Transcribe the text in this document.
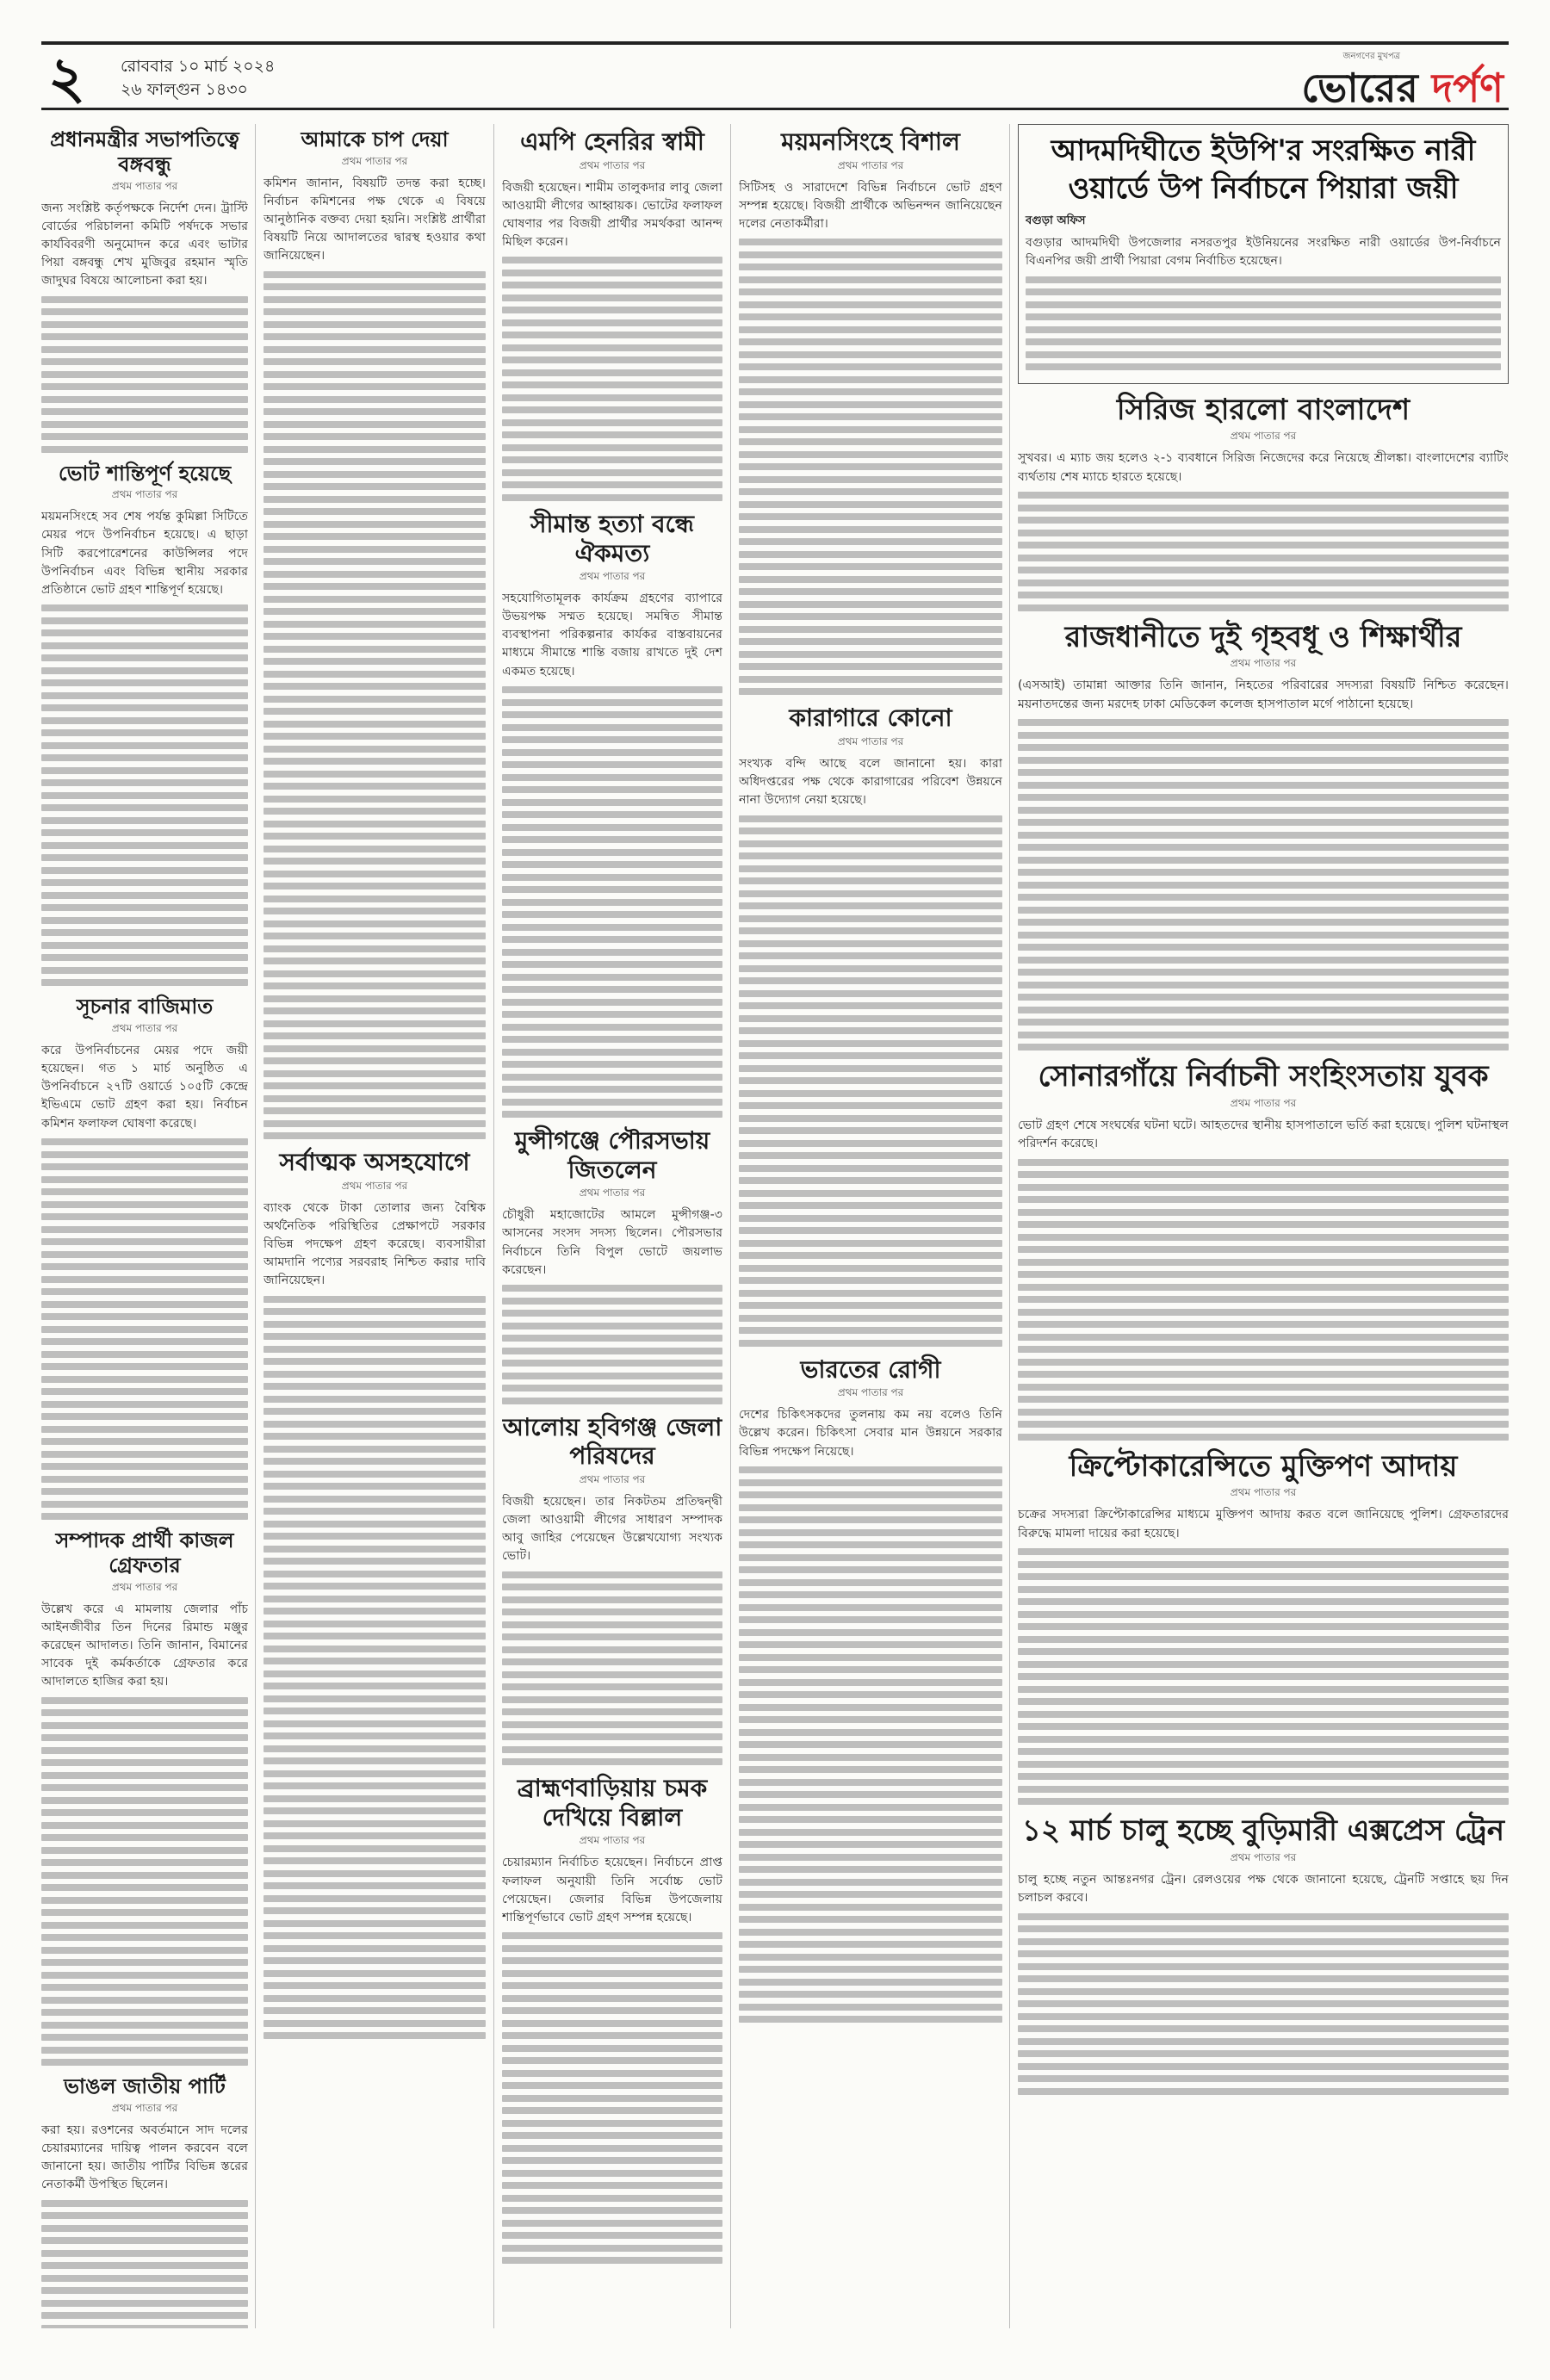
২ রোববার ১০ মার্চ ২০২৪
২৬ ফাল্গুন ১৪৩০
জনগণের মুখপত্র
ভোরের দর্পণ
প্রধানমন্ত্রীর সভাপতিত্বে বঙ্গবন্ধু
প্রথম পাতার পর
জন্য সংশ্লিষ্ট কর্তৃপক্ষকে নির্দেশ দেন। ট্রাস্টি বোর্ডের পরিচালনা কমিটি পর্ষদকে সভার কার্যবিবরণী অনুমোদন করে এবং ভাটার পিয়া বঙ্গবন্ধু শেখ মুজিবুর রহমান স্মৃতি জাদুঘর বিষয়ে আলোচনা করা হয়।
ভোট শান্তিপূর্ণ হয়েছে
প্রথম পাতার পর
ময়মনসিংহে সব শেষ পর্যন্ত কুমিল্লা সিটিতে মেয়র পদে উপনির্বাচন হয়েছে। এ ছাড়া সিটি করপোরেশনের কাউন্সিলর পদে উপনির্বাচন এবং বিভিন্ন স্থানীয় সরকার প্রতিষ্ঠানে ভোট গ্রহণ শান্তিপূর্ণ হয়েছে।
সূচনার বাজিমাত
প্রথম পাতার পর
করে উপনির্বাচনের মেয়র পদে জয়ী হয়েছেন। গত ১ মার্চ অনুষ্ঠিত এ উপনির্বাচনে ২৭টি ওয়ার্ডে ১০৫টি কেন্দ্রে ইভিএমে ভোট গ্রহণ করা হয়। নির্বাচন কমিশন ফলাফল ঘোষণা করেছে।
সম্পাদক প্রার্থী কাজল গ্রেফতার
প্রথম পাতার পর
উল্লেখ করে এ মামলায় জেলার পাঁচ আইনজীবীর তিন দিনের রিমান্ড মঞ্জুর করেছেন আদালত। তিনি জানান, বিমানের সাবেক দুই কর্মকর্তাকে গ্রেফতার করে আদালতে হাজির করা হয়।
ভাঙল জাতীয় পার্টি
প্রথম পাতার পর
করা হয়। রওশনের অবর্তমানে সাদ দলের চেয়ারম্যানের দায়িত্ব পালন করবেন বলে জানানো হয়। জাতীয় পার্টির বিভিন্ন স্তরের নেতাকর্মী উপস্থিত ছিলেন।
আমাকে চাপ দেয়া
প্রথম পাতার পর
কমিশন জানান, বিষয়টি তদন্ত করা হচ্ছে। নির্বাচন কমিশনের পক্ষ থেকে এ বিষয়ে আনুষ্ঠানিক বক্তব্য দেয়া হয়নি। সংশ্লিষ্ট প্রার্থীরা বিষয়টি নিয়ে আদালতের দ্বারস্থ হওয়ার কথা জানিয়েছেন।
সর্বাত্মক অসহযোগে
প্রথম পাতার পর
ব্যাংক থেকে টাকা তোলার জন্য বৈশ্বিক অর্থনৈতিক পরিস্থিতির প্রেক্ষাপটে সরকার বিভিন্ন পদক্ষেপ গ্রহণ করেছে। ব্যবসায়ীরা আমদানি পণ্যের সরবরাহ নিশ্চিত করার দাবি জানিয়েছেন।
এমপি হেনরির স্বামী
প্রথম পাতার পর
বিজয়ী হয়েছেন। শামীম তালুকদার লাবু জেলা আওয়ামী লীগের আহ্বায়ক। ভোটের ফলাফল ঘোষণার পর বিজয়ী প্রার্থীর সমর্থকরা আনন্দ মিছিল করেন।
সীমান্ত হত্যা বন্ধে ঐকমত্য
প্রথম পাতার পর
সহযোগিতামূলক কার্যক্রম গ্রহণের ব্যাপারে উভয়পক্ষ সম্মত হয়েছে। সমন্বিত সীমান্ত ব্যবস্থাপনা পরিকল্পনার কার্যকর বাস্তবায়নের মাধ্যমে সীমান্তে শান্তি বজায় রাখতে দুই দেশ একমত হয়েছে।
মুন্সীগঞ্জে পৌরসভায় জিতলেন
প্রথম পাতার পর
চৌধুরী মহাজোটের আমলে মুন্সীগঞ্জ-৩ আসনের সংসদ সদস্য ছিলেন। পৌরসভার নির্বাচনে তিনি বিপুল ভোটে জয়লাভ করেছেন।
আলোয় হবিগঞ্জ জেলা পরিষদের
প্রথম পাতার পর
বিজয়ী হয়েছেন। তার নিকটতম প্রতিদ্বন্দ্বী জেলা আওয়ামী লীগের সাধারণ সম্পাদক আবু জাহির পেয়েছেন উল্লেখযোগ্য সংখ্যক ভোট।
ব্রাহ্মণবাড়িয়ায় চমক দেখিয়ে বিল্লাল
প্রথম পাতার পর
চেয়ারম্যান নির্বাচিত হয়েছেন। নির্বাচনে প্রাপ্ত ফলাফল অনুযায়ী তিনি সর্বোচ্চ ভোট পেয়েছেন। জেলার বিভিন্ন উপজেলায় শান্তিপূর্ণভাবে ভোট গ্রহণ সম্পন্ন হয়েছে।
ময়মনসিংহে বিশাল
প্রথম পাতার পর
সিটিসহ ও সারাদেশে বিভিন্ন নির্বাচনে ভোট গ্রহণ সম্পন্ন হয়েছে। বিজয়ী প্রার্থীকে অভিনন্দন জানিয়েছেন দলের নেতাকর্মীরা।
কারাগারে কোনো
প্রথম পাতার পর
সংখ্যক বন্দি আছে বলে জানানো হয়। কারা অধিদপ্তরের পক্ষ থেকে কারাগারের পরিবেশ উন্নয়নে নানা উদ্যোগ নেয়া হয়েছে।
ভারতের রোগী
প্রথম পাতার পর
দেশের চিকিৎসকদের তুলনায় কম নয় বলেও তিনি উল্লেখ করেন। চিকিৎসা সেবার মান উন্নয়নে সরকার বিভিন্ন পদক্ষেপ নিয়েছে।
আদমদিঘীতে ইউপি'র সংরক্ষিত নারী ওয়ার্ডে উপ নির্বাচনে পিয়ারা জয়ী
বগুড়া অফিস
বগুড়ার আদমদিঘী উপজেলার নসরতপুর ইউনিয়নের সংরক্ষিত নারী ওয়ার্ডের উপ-নির্বাচনে বিএনপির জয়ী প্রার্থী পিয়ারা বেগম নির্বাচিত হয়েছেন।
সিরিজ হারলো বাংলাদেশ
প্রথম পাতার পর
সুখবর। এ ম্যাচ জয় হলেও ২-১ ব্যবধানে সিরিজ নিজেদের করে নিয়েছে শ্রীলঙ্কা। বাংলাদেশের ব্যাটিং ব্যর্থতায় শেষ ম্যাচে হারতে হয়েছে।
রাজধানীতে দুই গৃহবধূ ও শিক্ষার্থীর
প্রথম পাতার পর
(এসআই) তামান্না আক্তার তিনি জানান, নিহতের পরিবারের সদস্যরা বিষয়টি নিশ্চিত করেছেন। ময়নাতদন্তের জন্য মরদেহ ঢাকা মেডিকেল কলেজ হাসপাতাল মর্গে পাঠানো হয়েছে।
সোনারগাঁয়ে নির্বাচনী সংহিংসতায় যুবক
প্রথম পাতার পর
ভোট গ্রহণ শেষে সংঘর্ষের ঘটনা ঘটে। আহতদের স্থানীয় হাসপাতালে ভর্তি করা হয়েছে। পুলিশ ঘটনাস্থল পরিদর্শন করেছে।
ক্রিপ্টোকারেন্সিতে মুক্তিপণ আদায়
প্রথম পাতার পর
চক্রের সদস্যরা ক্রিপ্টোকারেন্সির মাধ্যমে মুক্তিপণ আদায় করত বলে জানিয়েছে পুলিশ। গ্রেফতারদের বিরুদ্ধে মামলা দায়ের করা হয়েছে।
১২ মার্চ চালু হচ্ছে বুড়িমারী এক্সপ্রেস ট্রেন
প্রথম পাতার পর
চালু হচ্ছে নতুন আন্তঃনগর ট্রেন। রেলওয়ের পক্ষ থেকে জানানো হয়েছে, ট্রেনটি সপ্তাহে ছয় দিন চলাচল করবে।
